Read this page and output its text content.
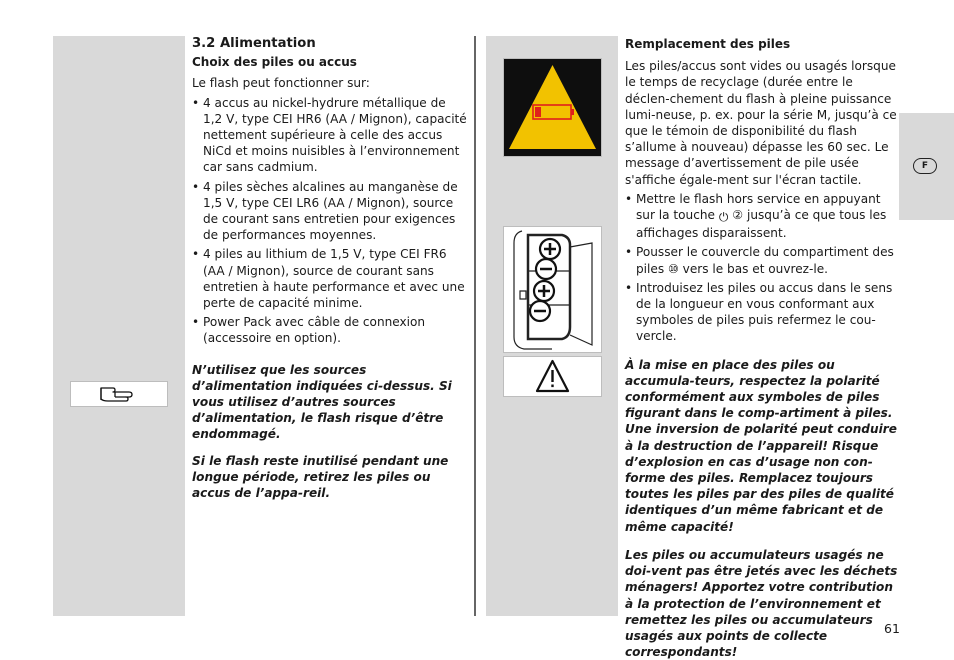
F
3.2 Alimentation
Choix des piles ou accus

Le flash peut fonctionner sur:

• 4 accus au nickel-hydrure métallique de 1,2 V, type CEI HR6 (AA / Mignon), capacité nettement supérieure à celle des accus NiCd et moins nuisibles à l’environnement car sans cadmium.
• 4 piles sèches alcalines au manganèse de 1,5 V, type CEI LR6 (AA / Mignon), source de courant sans entretien pour exigences de performances moyennes.
• 4 piles au lithium de 1,5 V, type CEI FR6 (AA / Mignon), source de courant sans entretien à haute performance et avec une perte de capacité minime.
• Power Pack avec câble de connexion (accessoire en option).

N’utilisez que les sources d’alimentation indiquées ci-dessus. Si vous utilisez d’autres sources d’alimentation, le flash risque d’être endommagé.

Si le flash reste inutilisé pendant une longue période, retirez les piles ou accus de l’appa-reil.

Remplacement des piles

Les piles/accus sont vides ou usagés lorsque le temps de recyclage (durée entre le déclen-chement du flash à pleine puissance lumi-neuse, p. ex. pour la série M, jusqu’à ce que le témoin de disponibilité du flash s’allume à nouveau) dépasse les 60 sec. Le message d’avertissement de pile usée s'affiche égale-ment sur l'écran tactile.

• Mettre le flash hors service en appuyant sur la touche ⏻ ② jusqu’à ce que tous les affichages disparaissent.
• Pousser le couvercle du compartiment des piles ⑩ vers le bas et ouvrez-le.
• Introduisez les piles ou accus dans le sens de la longueur en vous conformant aux symboles de piles puis refermez le cou-vercle.

À la mise en place des piles ou accumula-teurs, respectez la polarité conformément aux symboles de piles figurant dans le comp-artiment à piles. Une inversion de polarité peut conduire à la destruction de l’appareil! Risque d’explosion en cas d’usage non con-forme des piles. Remplacez toujours toutes les piles par des piles de qualité identiques d’un même fabricant et de même capacité!

Les piles ou accumulateurs usagés ne doi-vent pas être jetés avec les déchets ménagers! Apportez votre contribution à la protection de l’environnement et remettez les piles ou accumulateurs usagés aux points de collecte correspondants!

61
